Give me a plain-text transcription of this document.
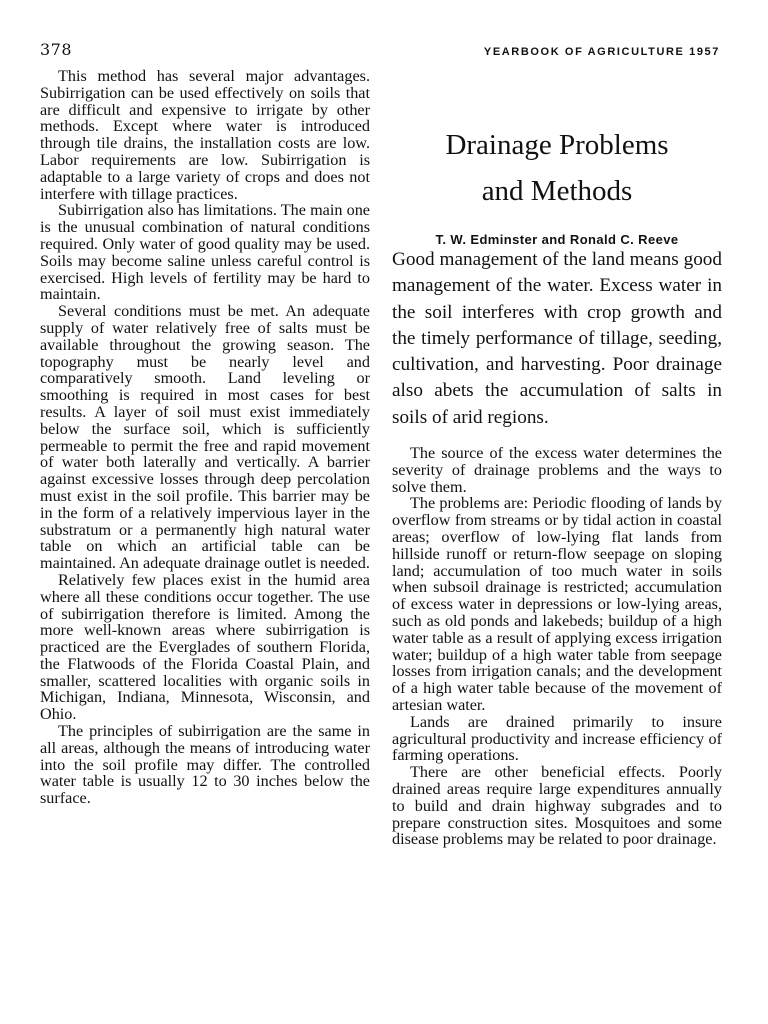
378	YEARBOOK OF AGRICULTURE 1957

This method has several major advantages. Subirrigation can be used effectively on soils that are difficult and expensive to irrigate by other methods. Except where water is introduced through tile drains, the installation costs are low. Labor requirements are low. Subirrigation is adaptable to a large variety of crops and does not interfere with tillage practices.

Subirrigation also has limitations. The main one is the unusual combination of natural conditions required. Only water of good quality may be used. Soils may become saline unless careful control is exercised. High levels of fertility may be hard to maintain.

Several conditions must be met. An adequate supply of water relatively free of salts must be available throughout the growing season. The topography must be nearly level and comparatively smooth. Land leveling or smoothing is required in most cases for best results. A layer of soil must exist immediately below the surface soil, which is sufficiently permeable to permit the free and rapid movement of water both laterally and vertically. A barrier against excessive losses through deep percolation must exist in the soil profile. This barrier may be in the form of a relatively impervious layer in the substratum or a permanently high natural water table on which an artificial table can be maintained. An adequate drainage outlet is needed.

Relatively few places exist in the humid area where all these conditions occur together. The use of subirrigation therefore is limited. Among the more well-known areas where subirrigation is practiced are the Everglades of southern Florida, the Flatwoods of the Florida Coastal Plain, and smaller, scattered localities with organic soils in Michigan, Indiana, Minnesota, Wisconsin, and Ohio.

The principles of subirrigation are the same in all areas, although the means of introducing water into the soil profile may differ. The controlled water table is usually 12 to 30 inches below the surface.

Drainage Problems
and Methods
T. W. Edminster and Ronald C. Reeve

Good management of the land means good management of the water. Excess water in the soil interferes with crop growth and the timely performance of tillage, seeding, cultivation, and harvesting. Poor drainage also abets the accumulation of salts in soils of arid regions.

The source of the excess water determines the severity of drainage problems and the ways to solve them.

The problems are: Periodic flooding of lands by overflow from streams or by tidal action in coastal areas; overflow of low-lying flat lands from hillside runoff or return-flow seepage on sloping land; accumulation of too much water in soils when subsoil drainage is restricted; accumulation of excess water in depressions or low-lying areas, such as old ponds and lakebeds; buildup of a high water table as a result of applying excess irrigation water; buildup of a high water table from seepage losses from irrigation canals; and the development of a high water table because of the movement of artesian water.

Lands are drained primarily to insure agricultural productivity and increase efficiency of farming operations.

There are other beneficial effects. Poorly drained areas require large expenditures annually to build and drain highway subgrades and to prepare construction sites. Mosquitoes and some disease problems may be related to poor drainage.
